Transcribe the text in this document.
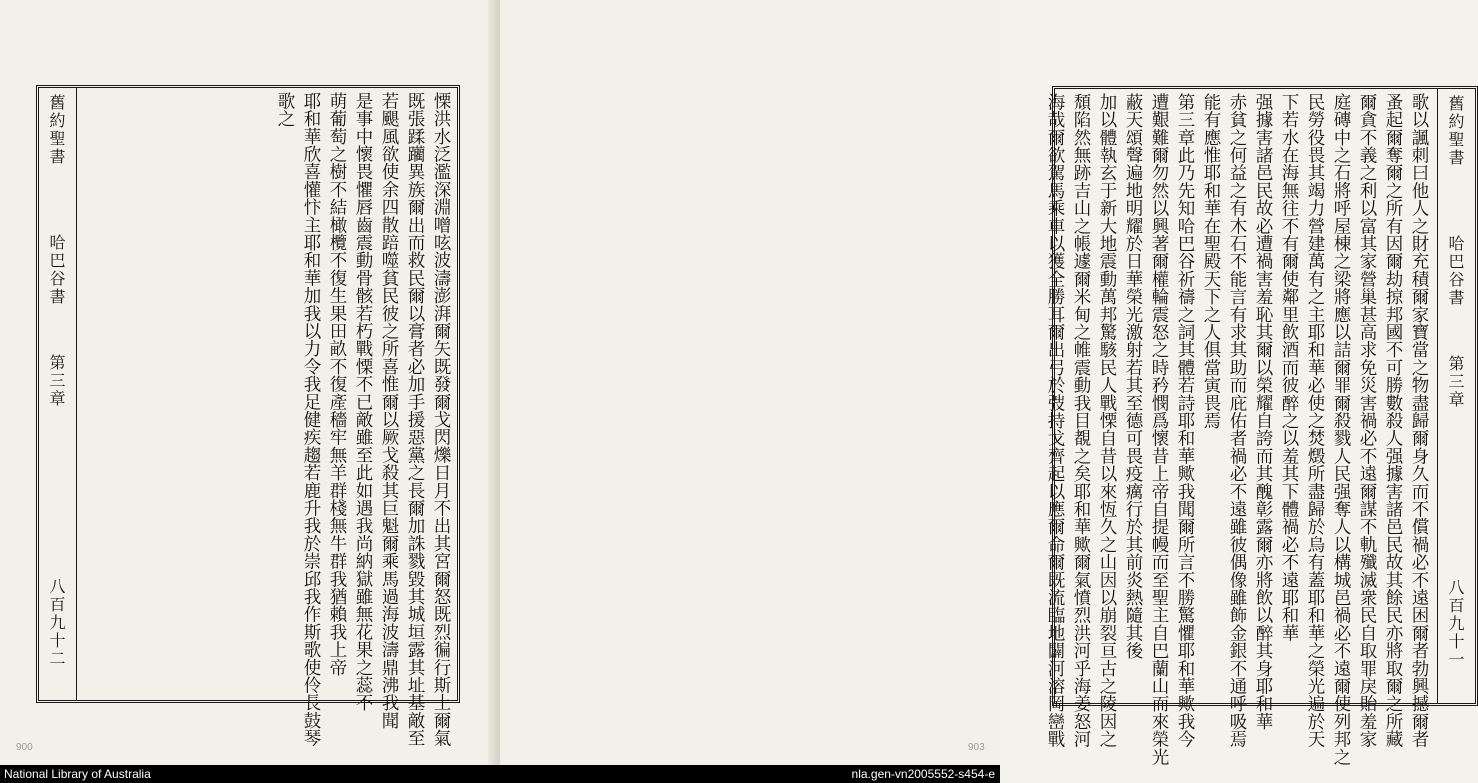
舊約聖書
哈巴谷書
第三章
八百九十二	慄洪水泛濫深淵噌呟波濤澎湃爾矢既發爾戈閃爍日月不出其宮爾怒既烈徧行斯土爾氣
既張蹂躪異族爾出而救民爾以膏者必加手援惡黨之長爾加誅戮毀其城垣露其址基敵至
若颶風欲使余四散踣噬貧民彼之所喜惟爾以厥戈殺其巨魁爾乘馬過海波濤鼎沸我聞
是事中懷畏懼唇齒震動骨骸若朽戰慄不已敵雖至此如遇我尚納獄雖無花果之蕊不
萌葡萄之樹不結橄欖不復生果田畝不復產穡牢無羊群棧無牛群我猶賴我上帝
耶和華欣喜懽忭主耶和華加我以力令我足健疾趨若鹿升我於崇邱我作斯歌使伶長鼓琴
歌之
900	歌以諷刺曰他人之財充積爾家寶當之物盡歸爾身久而不償禍必不遠困爾者勃興撼爾者
蚤起爾奪爾之所有因爾劫掠邦國不可勝數殺人强據害諸邑民故其餘民亦將取爾之所藏
爾貪不義之利以富其家營巢甚高求免災害禍必不遠爾謀不軌殲滅衆民自取罪戾貽羞家
庭磚中之石將呼屋棟之梁將應以詰爾罪爾殺戮人民强奪人以構城邑禍必不遠爾使列邦之
民勞役畏其竭力營建萬有之主耶和華必使之焚燬所盡歸於烏有蓋耶和華之榮光遍於天
下若水在海無往不有爾使鄰里飲酒而彼醉之以羞其下體禍必不遠耶和華
强據害諸邑民故必遭禍害羞恥其爾以榮耀自誇而其醜彰露爾亦將飲以醉其身耶和華
赤貧之何益之有木石不能言有求其助而庇佑者禍必不遠雖彼偶像雖飾金銀不通呼吸焉
能有應惟耶和華在聖殿天下之人俱當寅畏焉
第三章此乃先知哈巴谷祈禱之詞其體若詩耶和華歟我聞爾所言不勝驚懼耶和華歟我今
遭艱難爾勿然以興著爾權輪震怒之時矜憫爲懷昔上帝自提幔而至聖主自巴蘭山而來榮光
蔽天頌聲遍地明耀於日華榮光激射若其至德可畏疫癘行於其前炎熱隨其後
加以體執玄于新大地震動萬邦驚駭民人戰慄自昔以來恆久之山因以崩裂亘古之陵因之
頹陷然無跡吉山之帳遽爾米甸之帷震動我目覩之矣耶和華歟爾氣憤烈洪河乎海姜怒河
海哉爾欲駕馬乘車以獲全勝耳爾出弓於弢持戈齊起以應爾命爾既流臨地闢河溶岡巒戰	舊約聖書
哈巴谷書
第三章
八百九十一
903
National Library of Australia	nla.gen-vn2005552-s454-e
